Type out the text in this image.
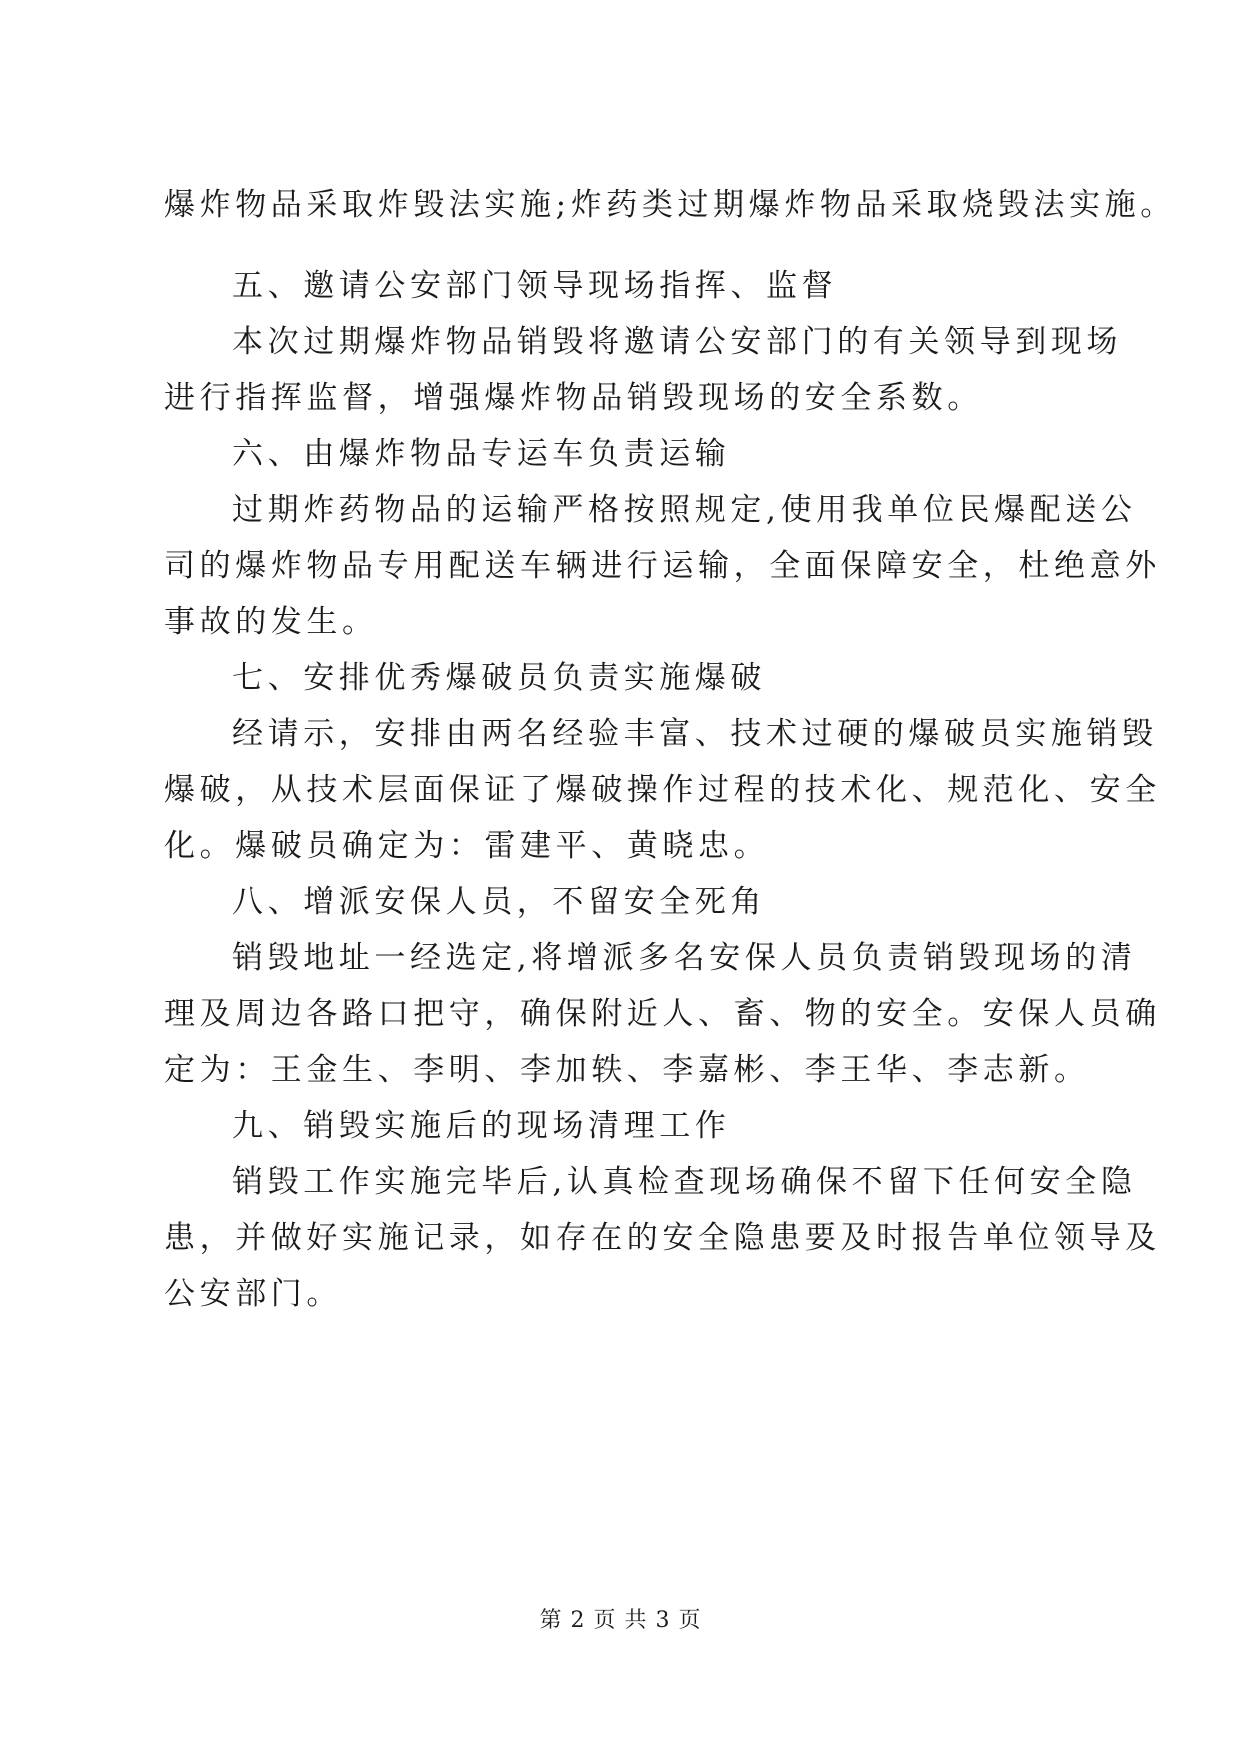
爆炸物品采取炸毁法实施;炸药类过期爆炸物品采取烧毁法实施。
五、邀请公安部门领导现场指挥、监督
本次过期爆炸物品销毁将邀请公安部门的有关领导到现场
进行指挥监督，增强爆炸物品销毁现场的安全系数。
六、由爆炸物品专运车负责运输
过期炸药物品的运输严格按照规定,使用我单位民爆配送公
司的爆炸物品专用配送车辆进行运输，全面保障安全，杜绝意外
事故的发生。
七、安排优秀爆破员负责实施爆破
经请示，安排由两名经验丰富、技术过硬的爆破员实施销毁
爆破，从技术层面保证了爆破操作过程的技术化、规范化、安全
化。爆破员确定为：雷建平、黄晓忠。
八、增派安保人员，不留安全死角
销毁地址一经选定,将增派多名安保人员负责销毁现场的清
理及周边各路口把守，确保附近人、畜、物的安全。安保人员确
定为：王金生、李明、李加轶、李嘉彬、李王华、李志新。
九、销毁实施后的现场清理工作
销毁工作实施完毕后,认真检查现场确保不留下任何安全隐
患，并做好实施记录，如存在的安全隐患要及时报告单位领导及
公安部门。
第 2 页 共 3 页
